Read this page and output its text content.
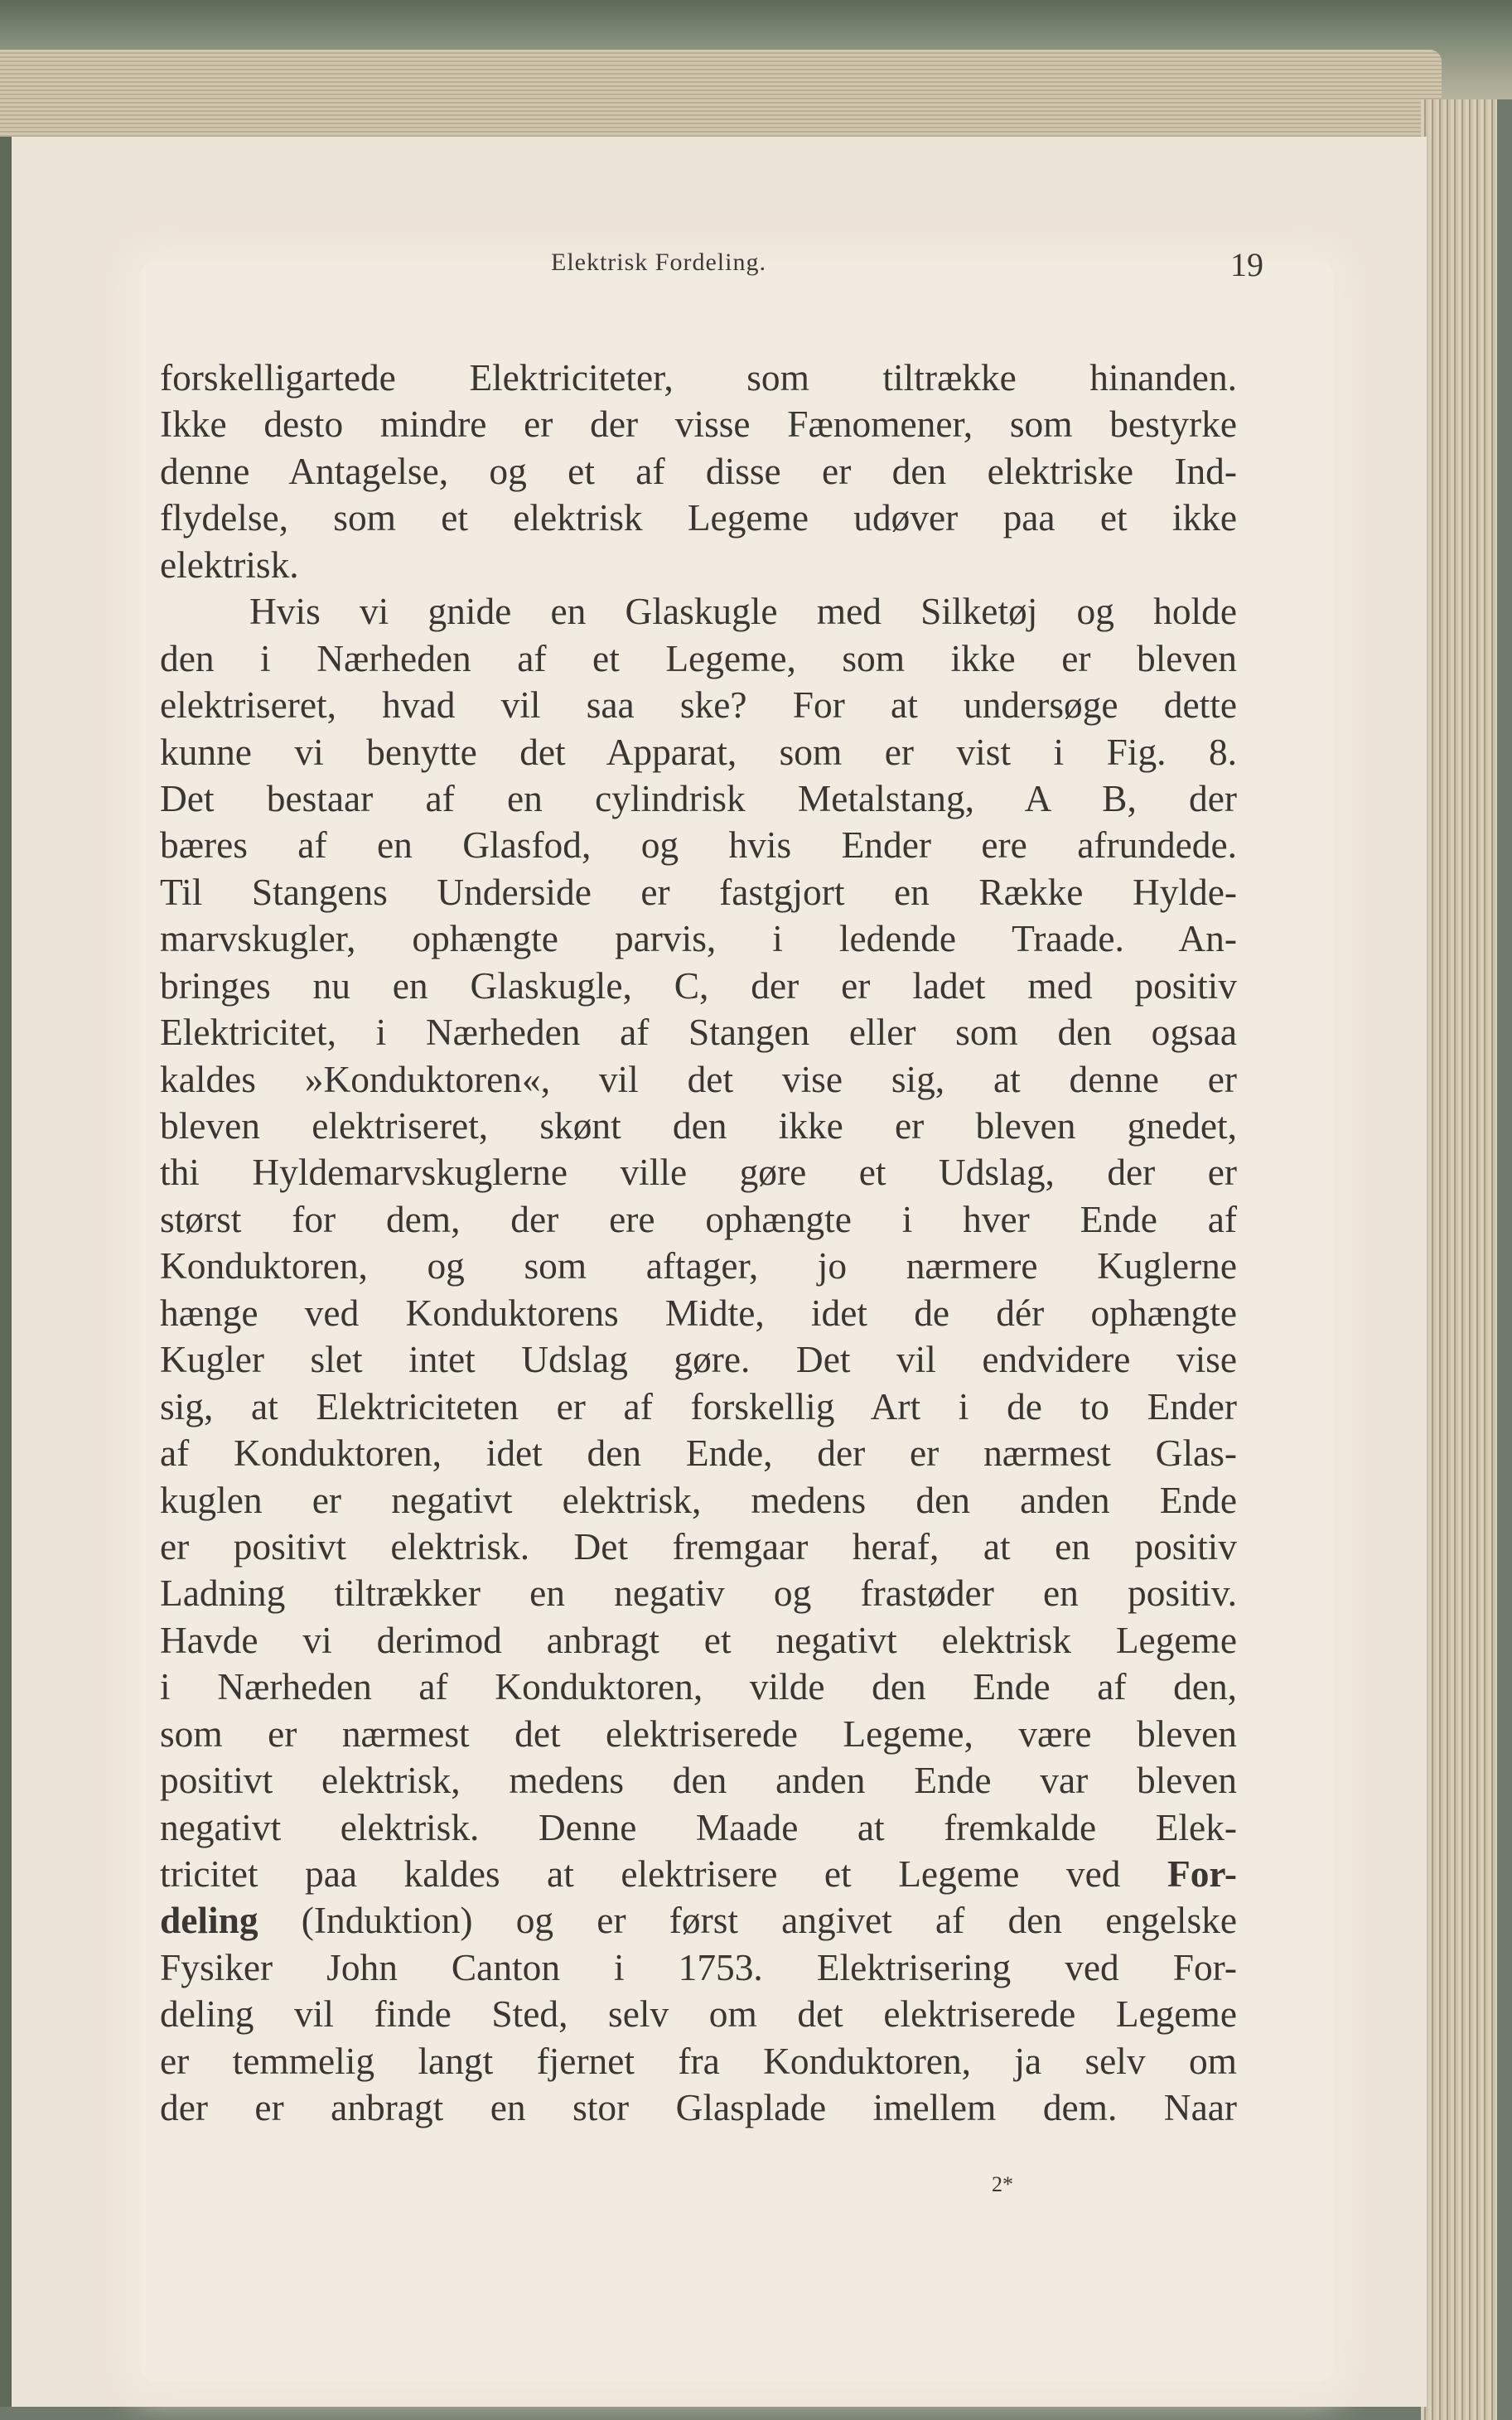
Elektrisk Fordeling.	19
forskelligartede Elektriciteter, som tiltrække hinanden.
Ikke desto mindre er der visse Fænomener, som bestyrke
denne Antagelse, og et af disse er den elektriske Ind-
flydelse, som et elektrisk Legeme udøver paa et ikke
elektrisk.
Hvis vi gnide en Glaskugle med Silketøj og holde
den i Nærheden af et Legeme, som ikke er bleven
elektriseret, hvad vil saa ske? For at undersøge dette
kunne vi benytte det Apparat, som er vist i Fig. 8.
Det bestaar af en cylindrisk Metalstang, A B, der
bæres af en Glasfod, og hvis Ender ere afrundede.
Til Stangens Underside er fastgjort en Række Hylde-
marvskugler, ophængte parvis, i ledende Traade. An-
bringes nu en Glaskugle, C, der er ladet med positiv
Elektricitet, i Nærheden af Stangen eller som den ogsaa
kaldes »Konduktoren«, vil det vise sig, at denne er
bleven elektriseret, skønt den ikke er bleven gnedet,
thi Hyldemarvskuglerne ville gøre et Udslag, der er
størst for dem, der ere ophængte i hver Ende af
Konduktoren, og som aftager, jo nærmere Kuglerne
hænge ved Konduktorens Midte, idet de dér ophængte
Kugler slet intet Udslag gøre. Det vil endvidere vise
sig, at Elektriciteten er af forskellig Art i de to Ender
af Konduktoren, idet den Ende, der er nærmest Glas-
kuglen er negativt elektrisk, medens den anden Ende
er positivt elektrisk. Det fremgaar heraf, at en positiv
Ladning tiltrækker en negativ og frastøder en positiv.
Havde vi derimod anbragt et negativt elektrisk Legeme
i Nærheden af Konduktoren, vilde den Ende af den,
som er nærmest det elektriserede Legeme, være bleven
positivt elektrisk, medens den anden Ende var bleven
negativt elektrisk. Denne Maade at fremkalde Elek-
tricitet paa kaldes at elektrisere et Legeme ved For-
deling (Induktion) og er først angivet af den engelske
Fysiker John Canton i 1753. Elektrisering ved For-
deling vil finde Sted, selv om det elektriserede Legeme
er temmelig langt fjernet fra Konduktoren, ja selv om
der er anbragt en stor Glasplade imellem dem. Naar
2*
